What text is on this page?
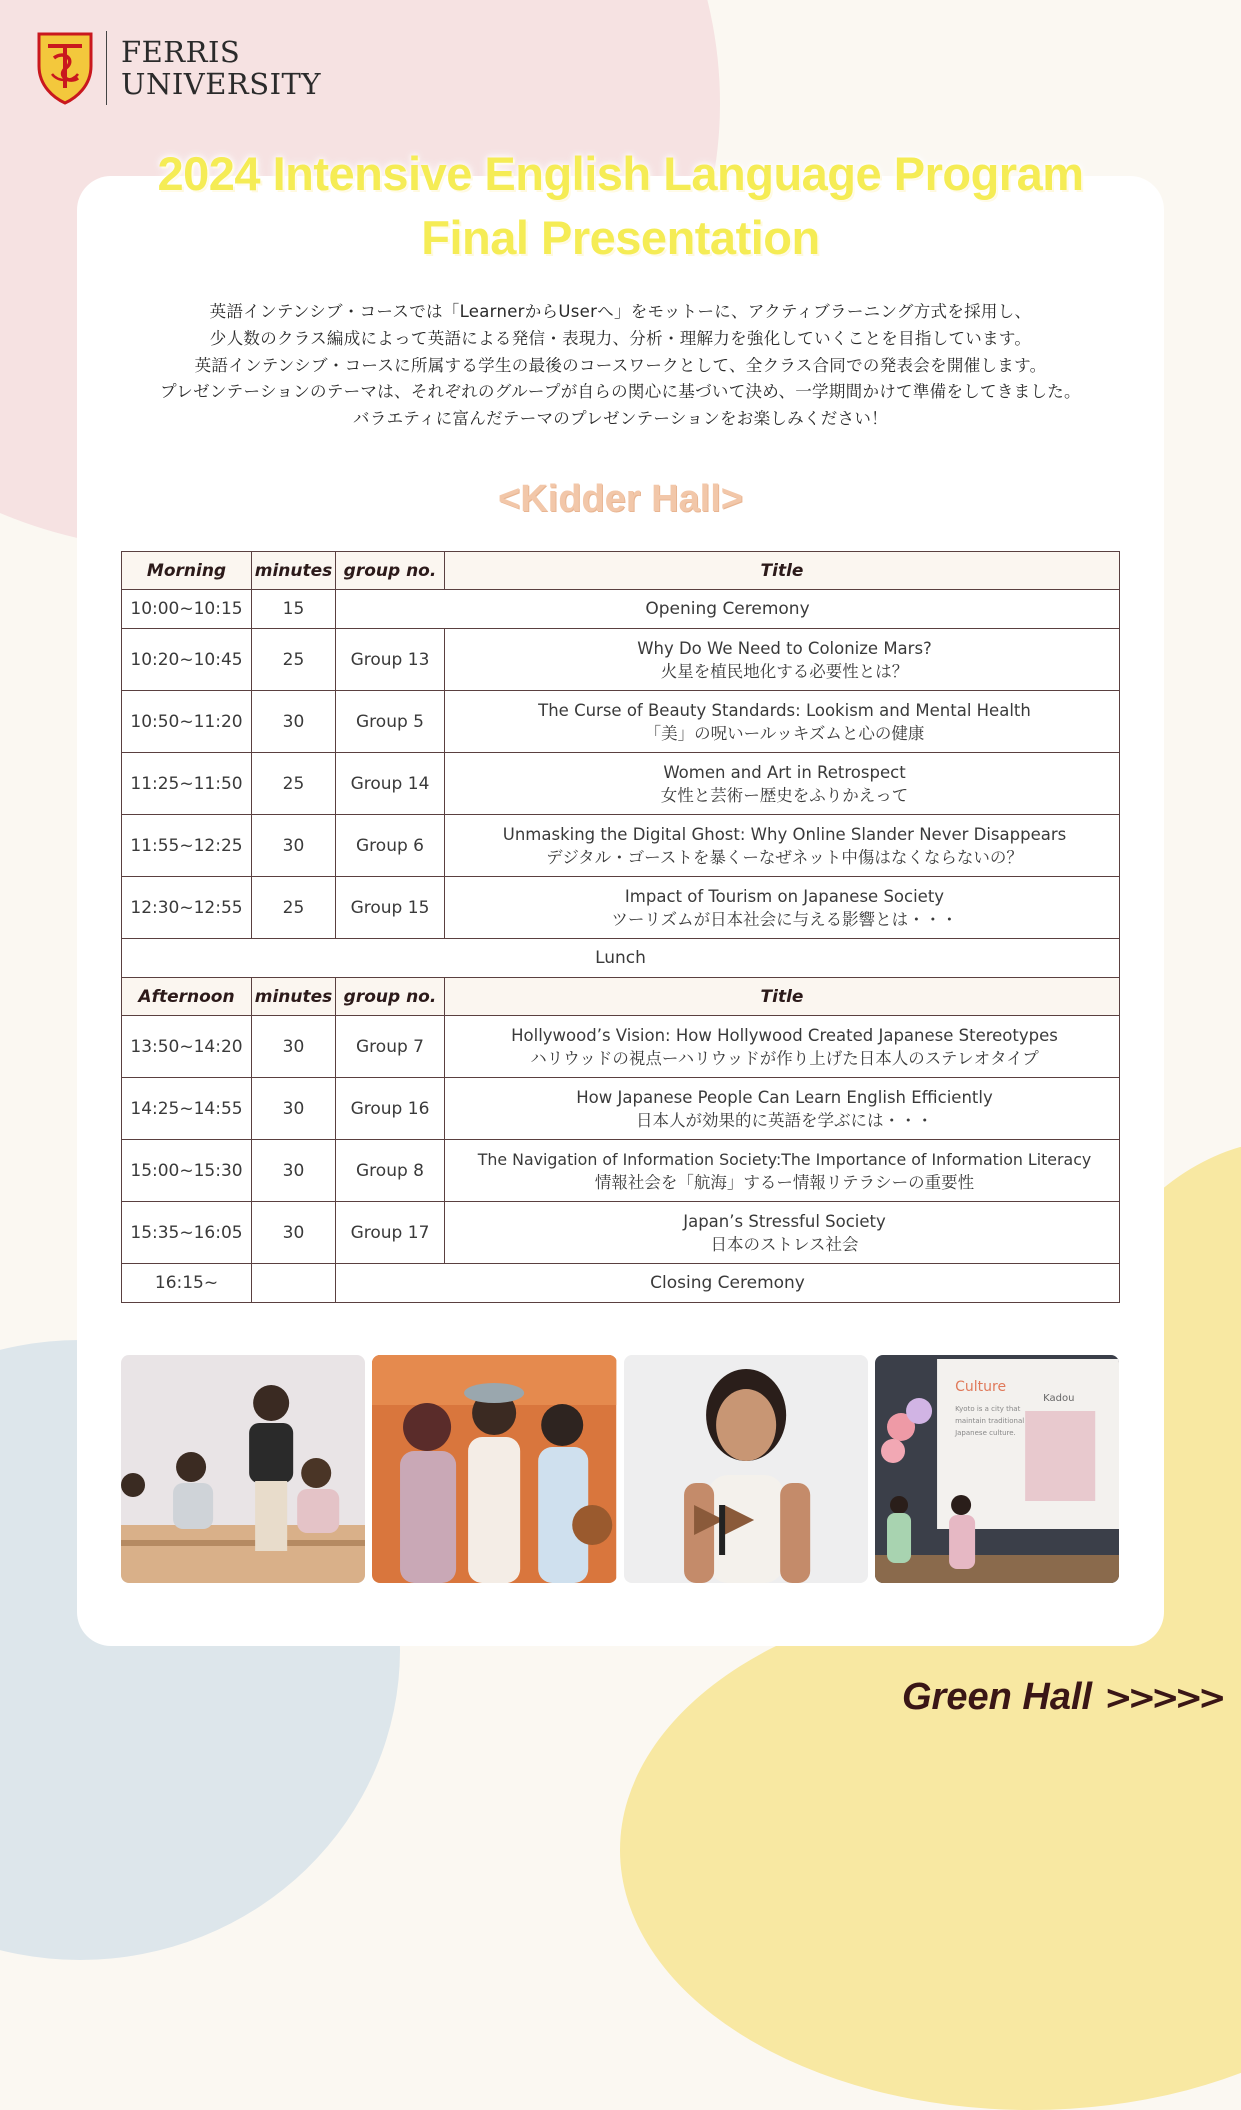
FERRIS
UNIVERSITY
2024 Intensive English Language Program
Final Presentation
英語インテンシブ・コースでは「LearnerからUserへ」をモットーに、アクティブラーニング方式を採用し、
少人数のクラス編成によって英語による発信・表現力、分析・理解力を強化していくことを目指しています。
英語インテンシブ・コースに所属する学生の最後のコースワークとして、全クラス合同での発表会を開催します。
プレゼンテーションのテーマは、それぞれのグループが自らの関心に基づいて決め、一学期間かけて準備をしてきました。
バラエティに富んだテーマのプレゼンテーションをお楽しみください！
<Kidder Hall>
Morning	minutes	group no.	Title
10:00~10:15	15	Opening Ceremony	
10:20~10:45	25	Group 13	Why Do We Need to Colonize Mars?
火星を植民地化する必要性とは？

10:50~11:20	30	Group 5	The Curse of Beauty Standards: Lookism and Mental Health
「美」の呪いールッキズムと心の健康

11:25~11:50	25	Group 14	Women and Art in Retrospect
女性と芸術ー歴史をふりかえって

11:55~12:25	30	Group 6	Unmasking the Digital Ghost: Why Online Slander Never Disappears
デジタル・ゴーストを暴くーなぜネット中傷はなくならないの？

12:30~12:55	25	Group 15	Impact of Tourism on Japanese Society
ツーリズムが日本社会に与える影響とは・・・

Lunch			
Afternoon	minutes	group no.	Title
13:50~14:20	30	Group 7	Hollywood’s Vision: How Hollywood Created Japanese Stereotypes
ハリウッドの視点ーハリウッドが作り上げた日本人のステレオタイプ

14:25~14:55	30	Group 16	How Japanese People Can Learn English Efficiently
日本人が効果的に英語を学ぶには・・・

15:00~15:30	30	Group 8	The Navigation of Information Society:The Importance of Information Literacy
情報社会を「航海」するー情報リテラシーの重要性

15:35~16:05	30	Group 17	Japan’s Stressful Society
日本のストレス社会

16:15~		Closing Ceremony	
Culture
Kyoto is a city that
maintain traditional
Japanese culture.
Kadou
Green Hall >>>>>
